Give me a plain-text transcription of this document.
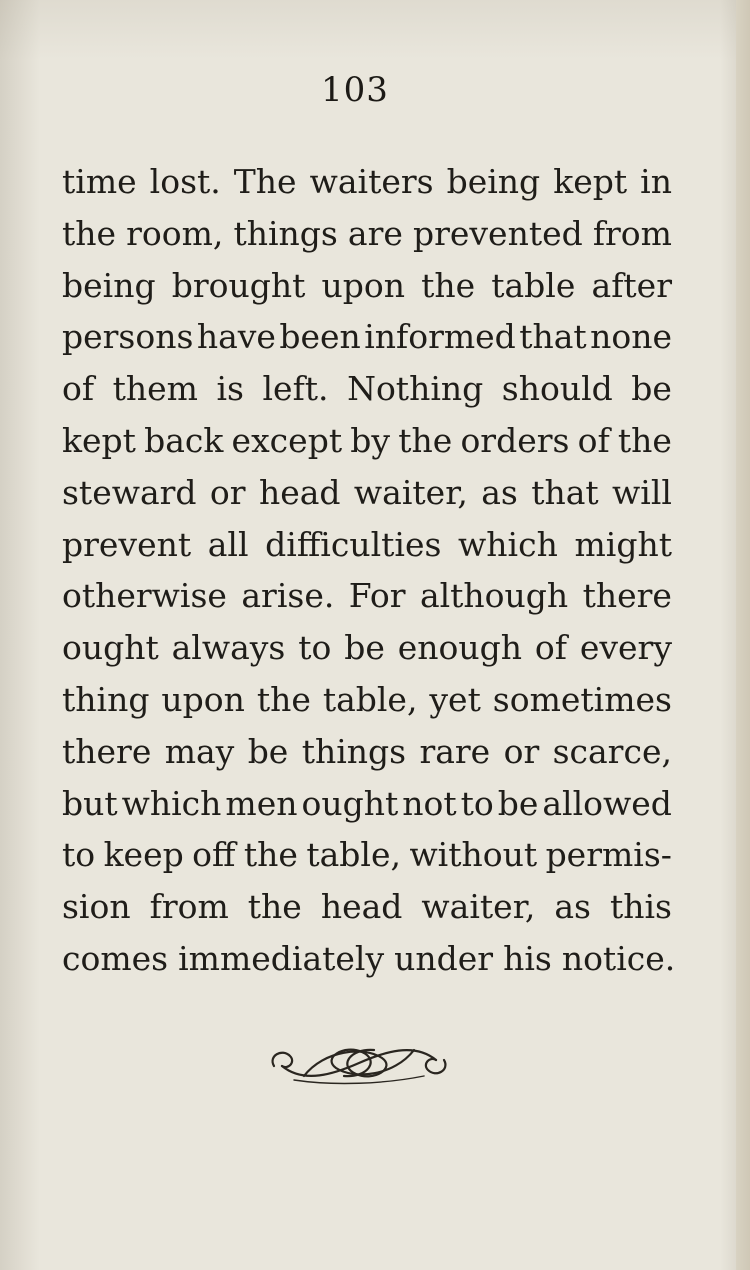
103
time lost. The waiters being kept in
the room, things are prevented from
being brought upon the table after
persons have been informed that none
of them is left. Nothing should be
kept back except by the orders of the
steward or head waiter, as that will
prevent all difficulties which might
otherwise arise. For although there
ought always to be enough of every
thing upon the table, yet sometimes
there may be things rare or scarce,
but which men ought not to be allowed
to keep off the table, without permis-
sion from the head waiter, as this
comes immediately under his notice.
